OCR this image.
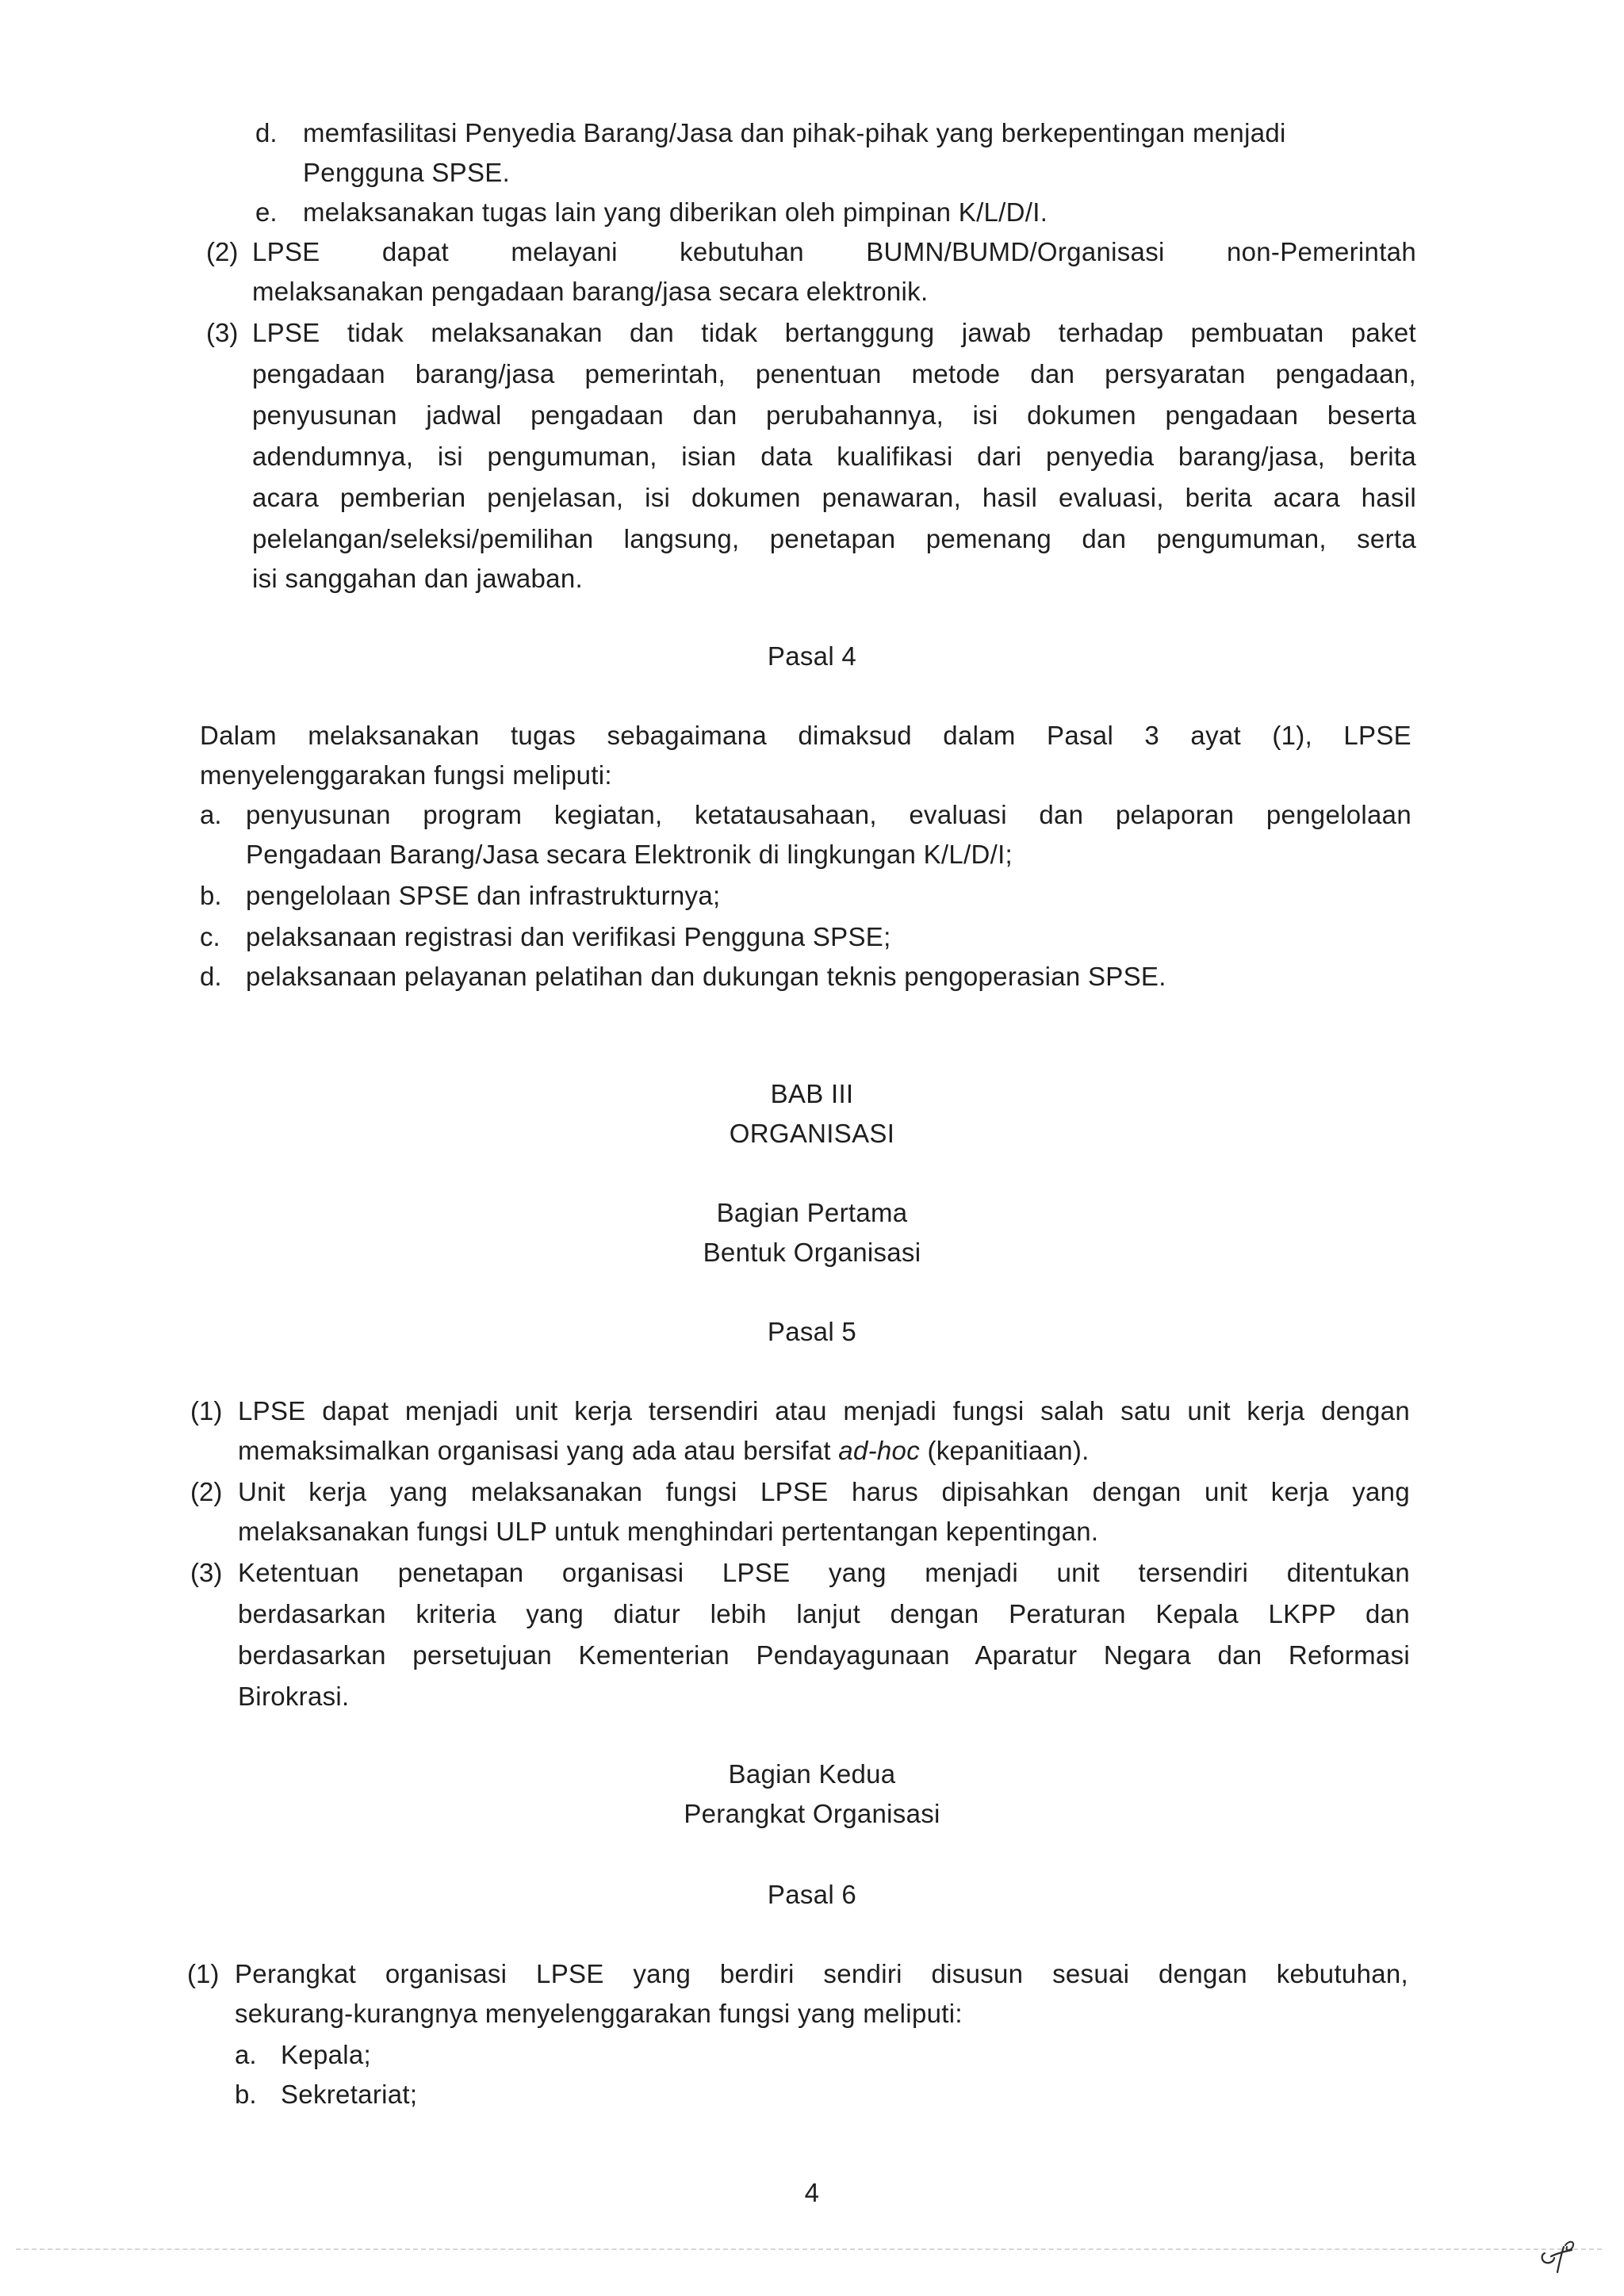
d. memfasilitasi Penyedia Barang/Jasa dan pihak-pihak yang berkepentingan menjadi
Pengguna SPSE.
e. melaksanakan tugas lain yang diberikan oleh pimpinan K/L/D/I.
(2) LPSE dapat melayani kebutuhan BUMN/BUMD/Organisasi non-Pemerintah
melaksanakan pengadaan barang/jasa secara elektronik.
(3) LPSE tidak melaksanakan dan tidak bertanggung jawab terhadap pembuatan paket
pengadaan barang/jasa pemerintah, penentuan metode dan persyaratan pengadaan,
penyusunan jadwal pengadaan dan perubahannya, isi dokumen pengadaan beserta
adendumnya, isi pengumuman, isian data kualifikasi dari penyedia barang/jasa, berita
acara pemberian penjelasan, isi dokumen penawaran, hasil evaluasi, berita acara hasil
pelelangan/seleksi/pemilihan langsung, penetapan pemenang dan pengumuman, serta
isi sanggahan dan jawaban.
Pasal 4
Dalam melaksanakan tugas sebagaimana dimaksud dalam Pasal 3 ayat (1), LPSE
menyelenggarakan fungsi meliputi:
a. penyusunan program kegiatan, ketatausahaan, evaluasi dan pelaporan pengelolaan
Pengadaan Barang/Jasa secara Elektronik di lingkungan K/L/D/I;
b. pengelolaan SPSE dan infrastrukturnya;
c. pelaksanaan registrasi dan verifikasi Pengguna SPSE;
d. pelaksanaan pelayanan pelatihan dan dukungan teknis pengoperasian SPSE.
BAB III
ORGANISASI
Bagian Pertama
Bentuk Organisasi
Pasal 5
(1) LPSE dapat menjadi unit kerja tersendiri atau menjadi fungsi salah satu unit kerja dengan
memaksimalkan organisasi yang ada atau bersifat ad-hoc (kepanitiaan).
(2) Unit kerja yang melaksanakan fungsi LPSE harus dipisahkan dengan unit kerja yang
melaksanakan fungsi ULP untuk menghindari pertentangan kepentingan.
(3) Ketentuan penetapan organisasi LPSE yang menjadi unit tersendiri ditentukan
berdasarkan kriteria yang diatur lebih lanjut dengan Peraturan Kepala LKPP dan
berdasarkan persetujuan Kementerian Pendayagunaan Aparatur Negara dan Reformasi
Birokrasi.
Bagian Kedua
Perangkat Organisasi
Pasal 6
(1) Perangkat organisasi LPSE yang berdiri sendiri disusun sesuai dengan kebutuhan,
sekurang-kurangnya menyelenggarakan fungsi yang meliputi:
a. Kepala;
b. Sekretariat;
4
